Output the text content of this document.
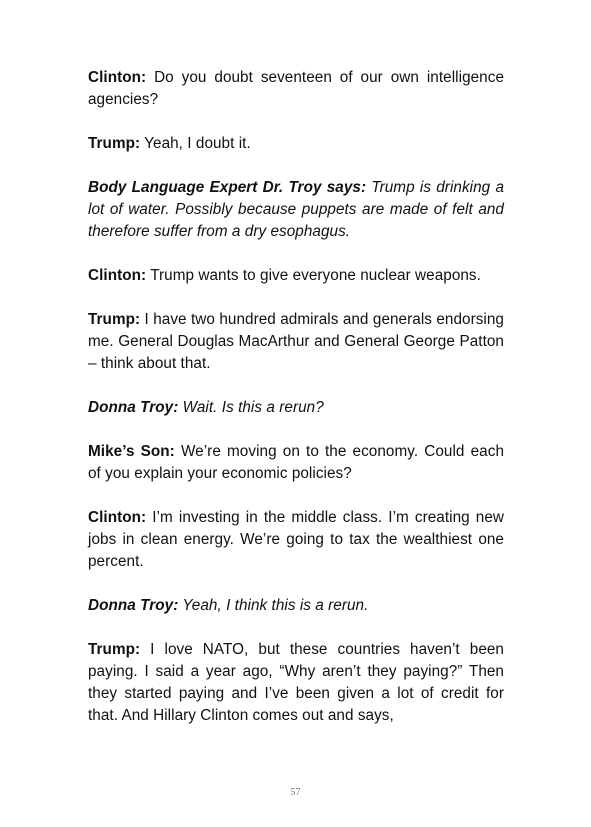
Clinton: Do you doubt seventeen of our own intelligence agencies?

Trump: Yeah, I doubt it.

Body Language Expert Dr. Troy says: Trump is drinking a lot of water. Possibly because puppets are made of felt and therefore suffer from a dry esophagus.

Clinton: Trump wants to give everyone nuclear weapons.

Trump: I have two hundred admirals and generals endorsing me. General Douglas MacArthur and General George Patton – think about that.

Donna Troy: Wait. Is this a rerun?

Mike’s Son: We’re moving on to the economy. Could each of you explain your economic policies?

Clinton: I’m investing in the middle class. I’m creating new jobs in clean energy. We’re going to tax the wealthiest one percent.

Donna Troy: Yeah, I think this is a rerun.

Trump: I love NATO, but these countries haven’t been paying. I said a year ago, “Why aren’t they paying?” Then they started paying and I’ve been given a lot of credit for that. And Hillary Clinton comes out and says,

57
